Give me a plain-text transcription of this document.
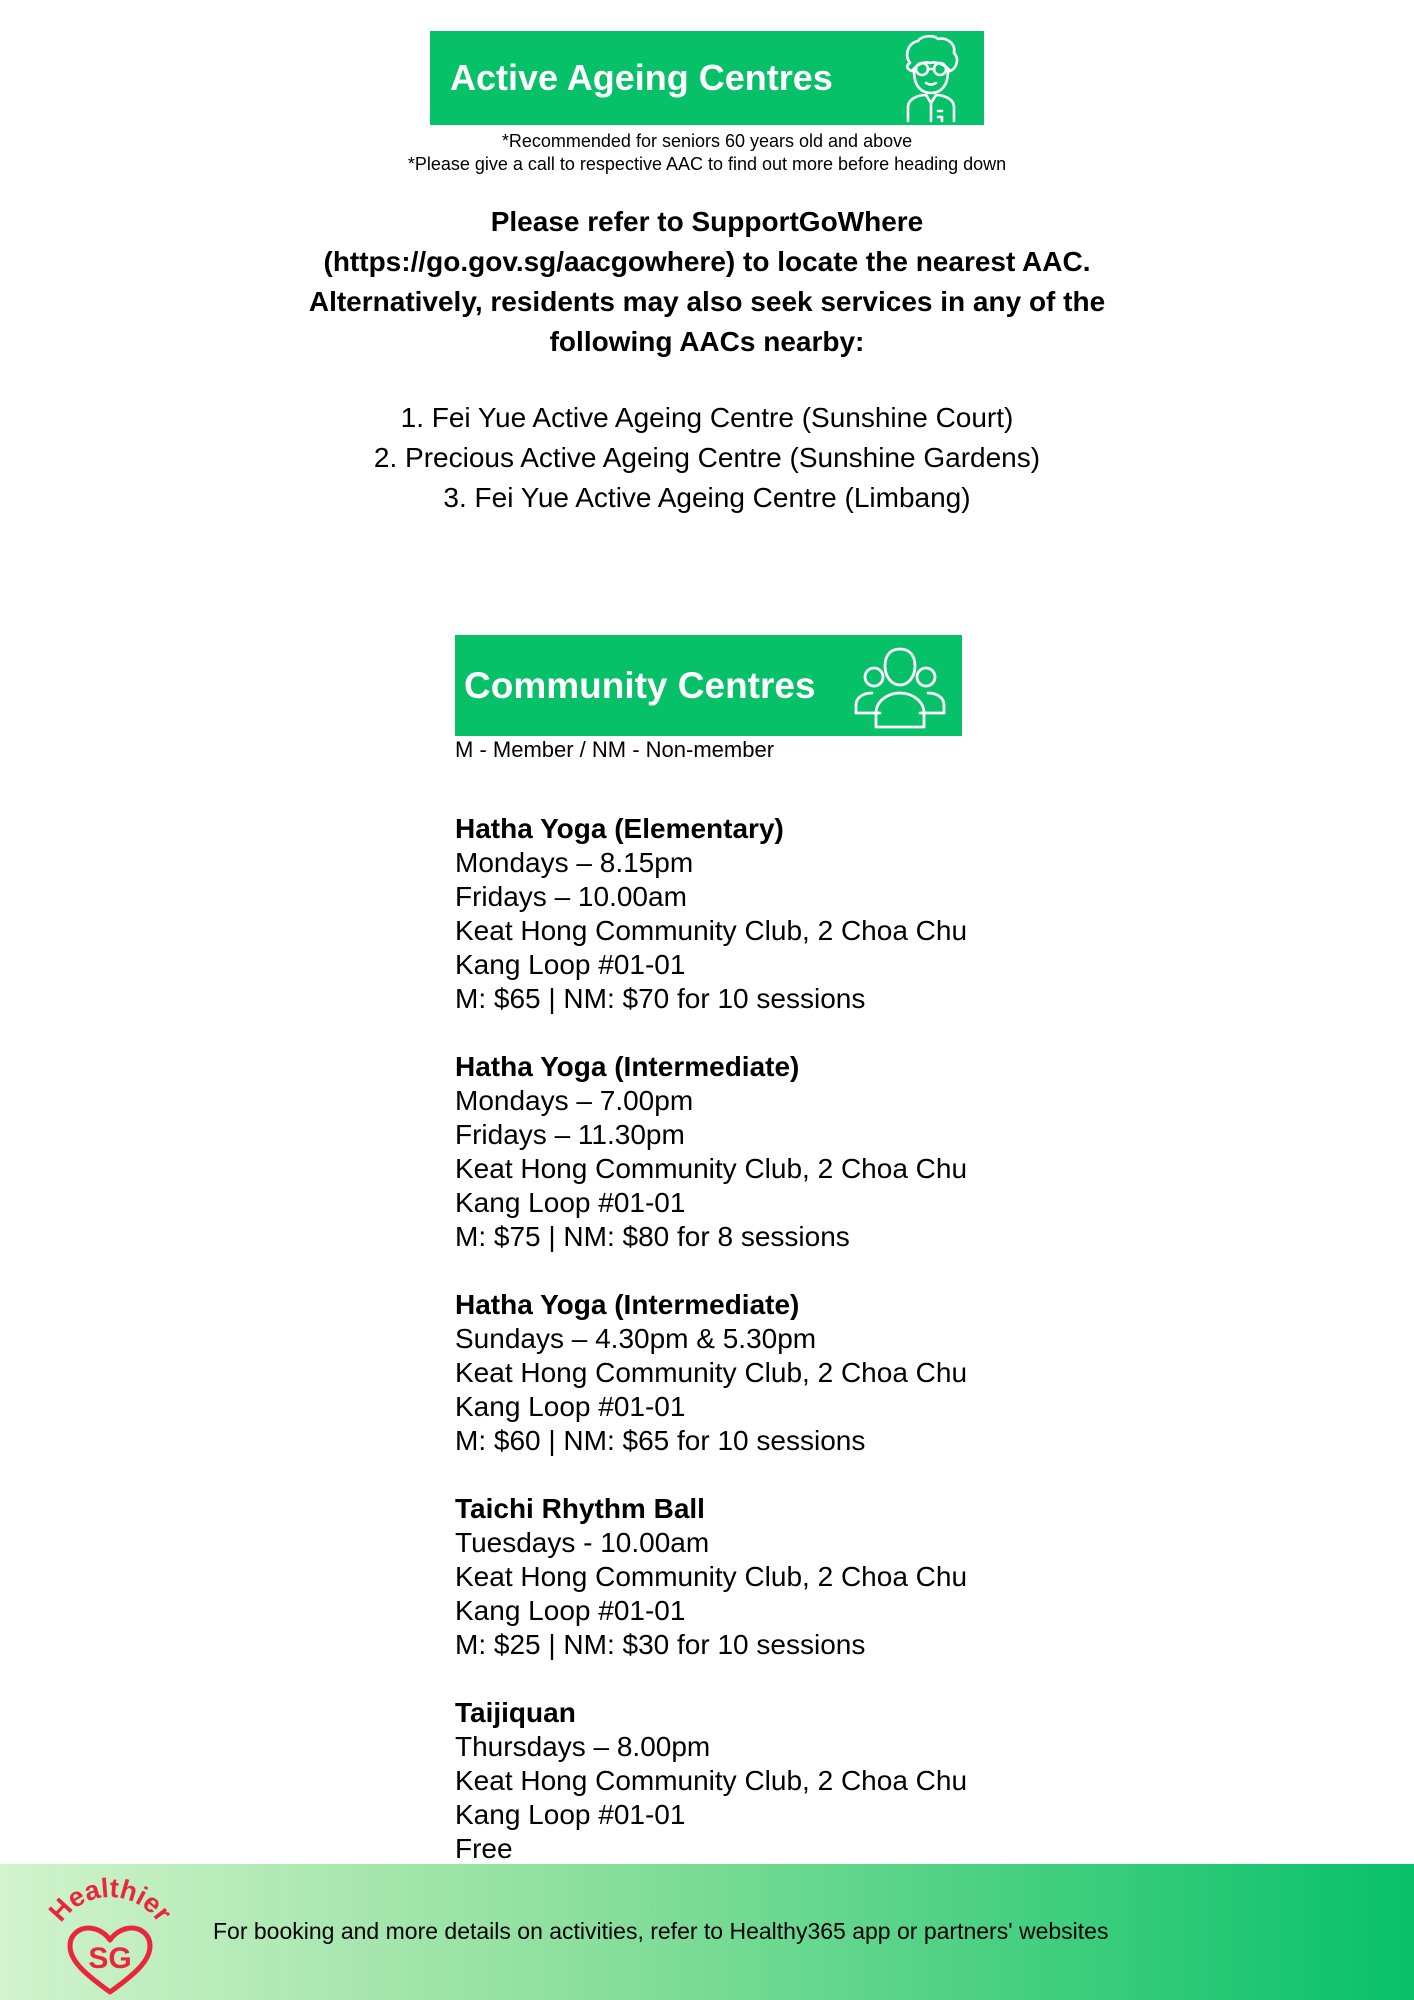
Active Ageing Centres
*Recommended for seniors 60 years old and above
*Please give a call to respective AAC to find out more before heading down
Please refer to SupportGoWhere
(https://go.gov.sg/aacgowhere) to locate the nearest AAC.
Alternatively, residents may also seek services in any of the
following AACs nearby:
1. Fei Yue Active Ageing Centre (Sunshine Court)
2. Precious Active Ageing Centre (Sunshine Gardens)
3. Fei Yue Active Ageing Centre (Limbang)
Community Centres
M - Member / NM - Non-member
Hatha Yoga (Elementary)
Mondays – 8.15pm
Fridays – 10.00am
Keat Hong Community Club, 2 Choa Chu
Kang Loop #01-01
M: $65 | NM: $70 for 10 sessions
Hatha Yoga (Intermediate)
Mondays – 7.00pm
Fridays – 11.30pm
Keat Hong Community Club, 2 Choa Chu
Kang Loop #01-01
M: $75 | NM: $80 for 8 sessions
Hatha Yoga (Intermediate)
Sundays – 4.30pm & 5.30pm
Keat Hong Community Club, 2 Choa Chu
Kang Loop #01-01
M: $60 | NM: $65 for 10 sessions
Taichi Rhythm Ball
Tuesdays - 10.00am
Keat Hong Community Club, 2 Choa Chu
Kang Loop #01-01
M: $25 | NM: $30 for 10 sessions
Taijiquan
Thursdays – 8.00pm
Keat Hong Community Club, 2 Choa Chu
Kang Loop #01-01
Free
Healthier
SG
For booking and more details on activities, refer to Healthy365 app or partners' websites
